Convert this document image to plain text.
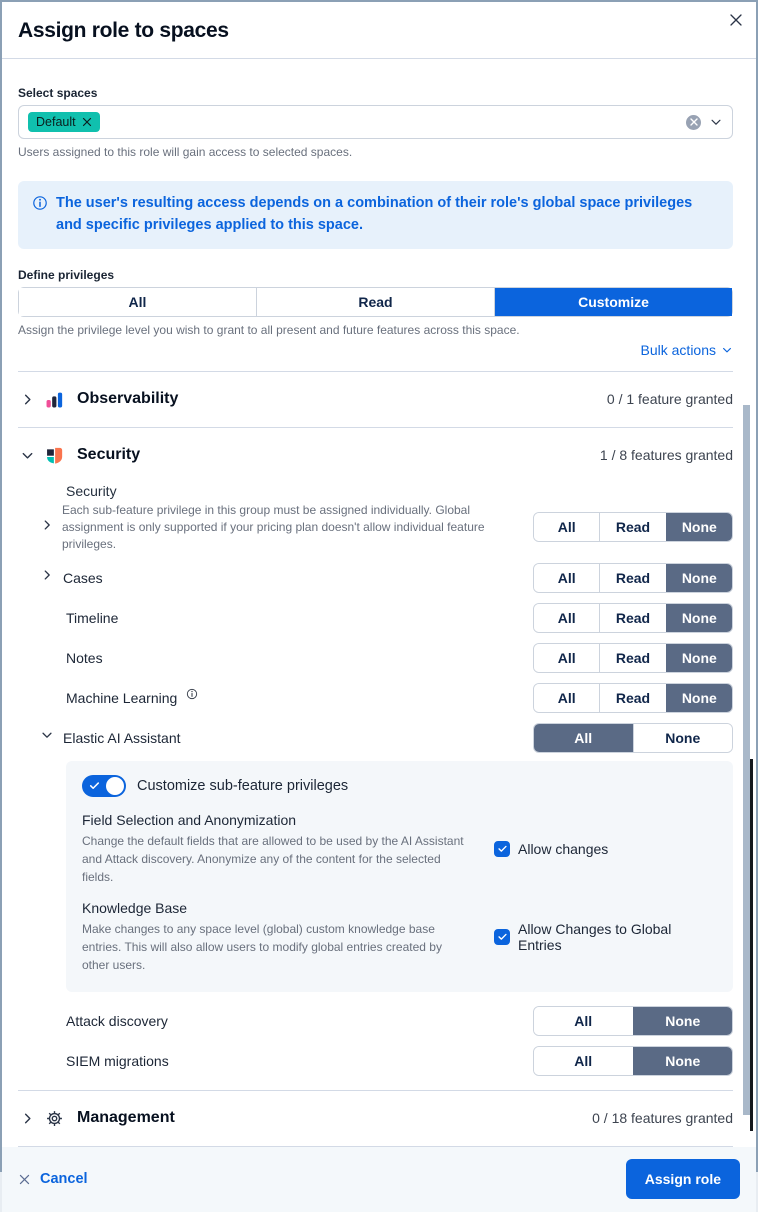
Assign role to spaces
Select spaces
Default
Users assigned to this role will gain access to selected spaces.
The user's resulting access depends on a combination of their role's global space privileges and specific privileges applied to this space.
Define privileges
All	Read	Customize
Assign the privilege level you wish to grant to all present and future features across this space.
Bulk actions
Observability	0 / 1 feature granted
Security	1 / 8 features granted
Security
Each sub-feature privilege in this group must be assigned individually. Global assignment is only supported if your pricing plan doesn't allow individual feature privileges.
All	Read	None
Cases	All	Read	None
Timeline	All	Read	None
Notes	All	Read	None
Machine Learning	All	Read	None
Elastic AI Assistant	All	None
Customize sub-feature privileges
Field Selection and Anonymization
Change the default fields that are allowed to be used by the AI Assistant and Attack discovery. Anonymize any of the content for the selected fields.
Allow changes
Knowledge Base
Make changes to any space level (global) custom knowledge base entries. This will also allow users to modify global entries created by other users.
Allow Changes to Global Entries
Attack discovery	All	None
SIEM migrations	All	None
Management	0 / 18 features granted
Cancel	Assign role
